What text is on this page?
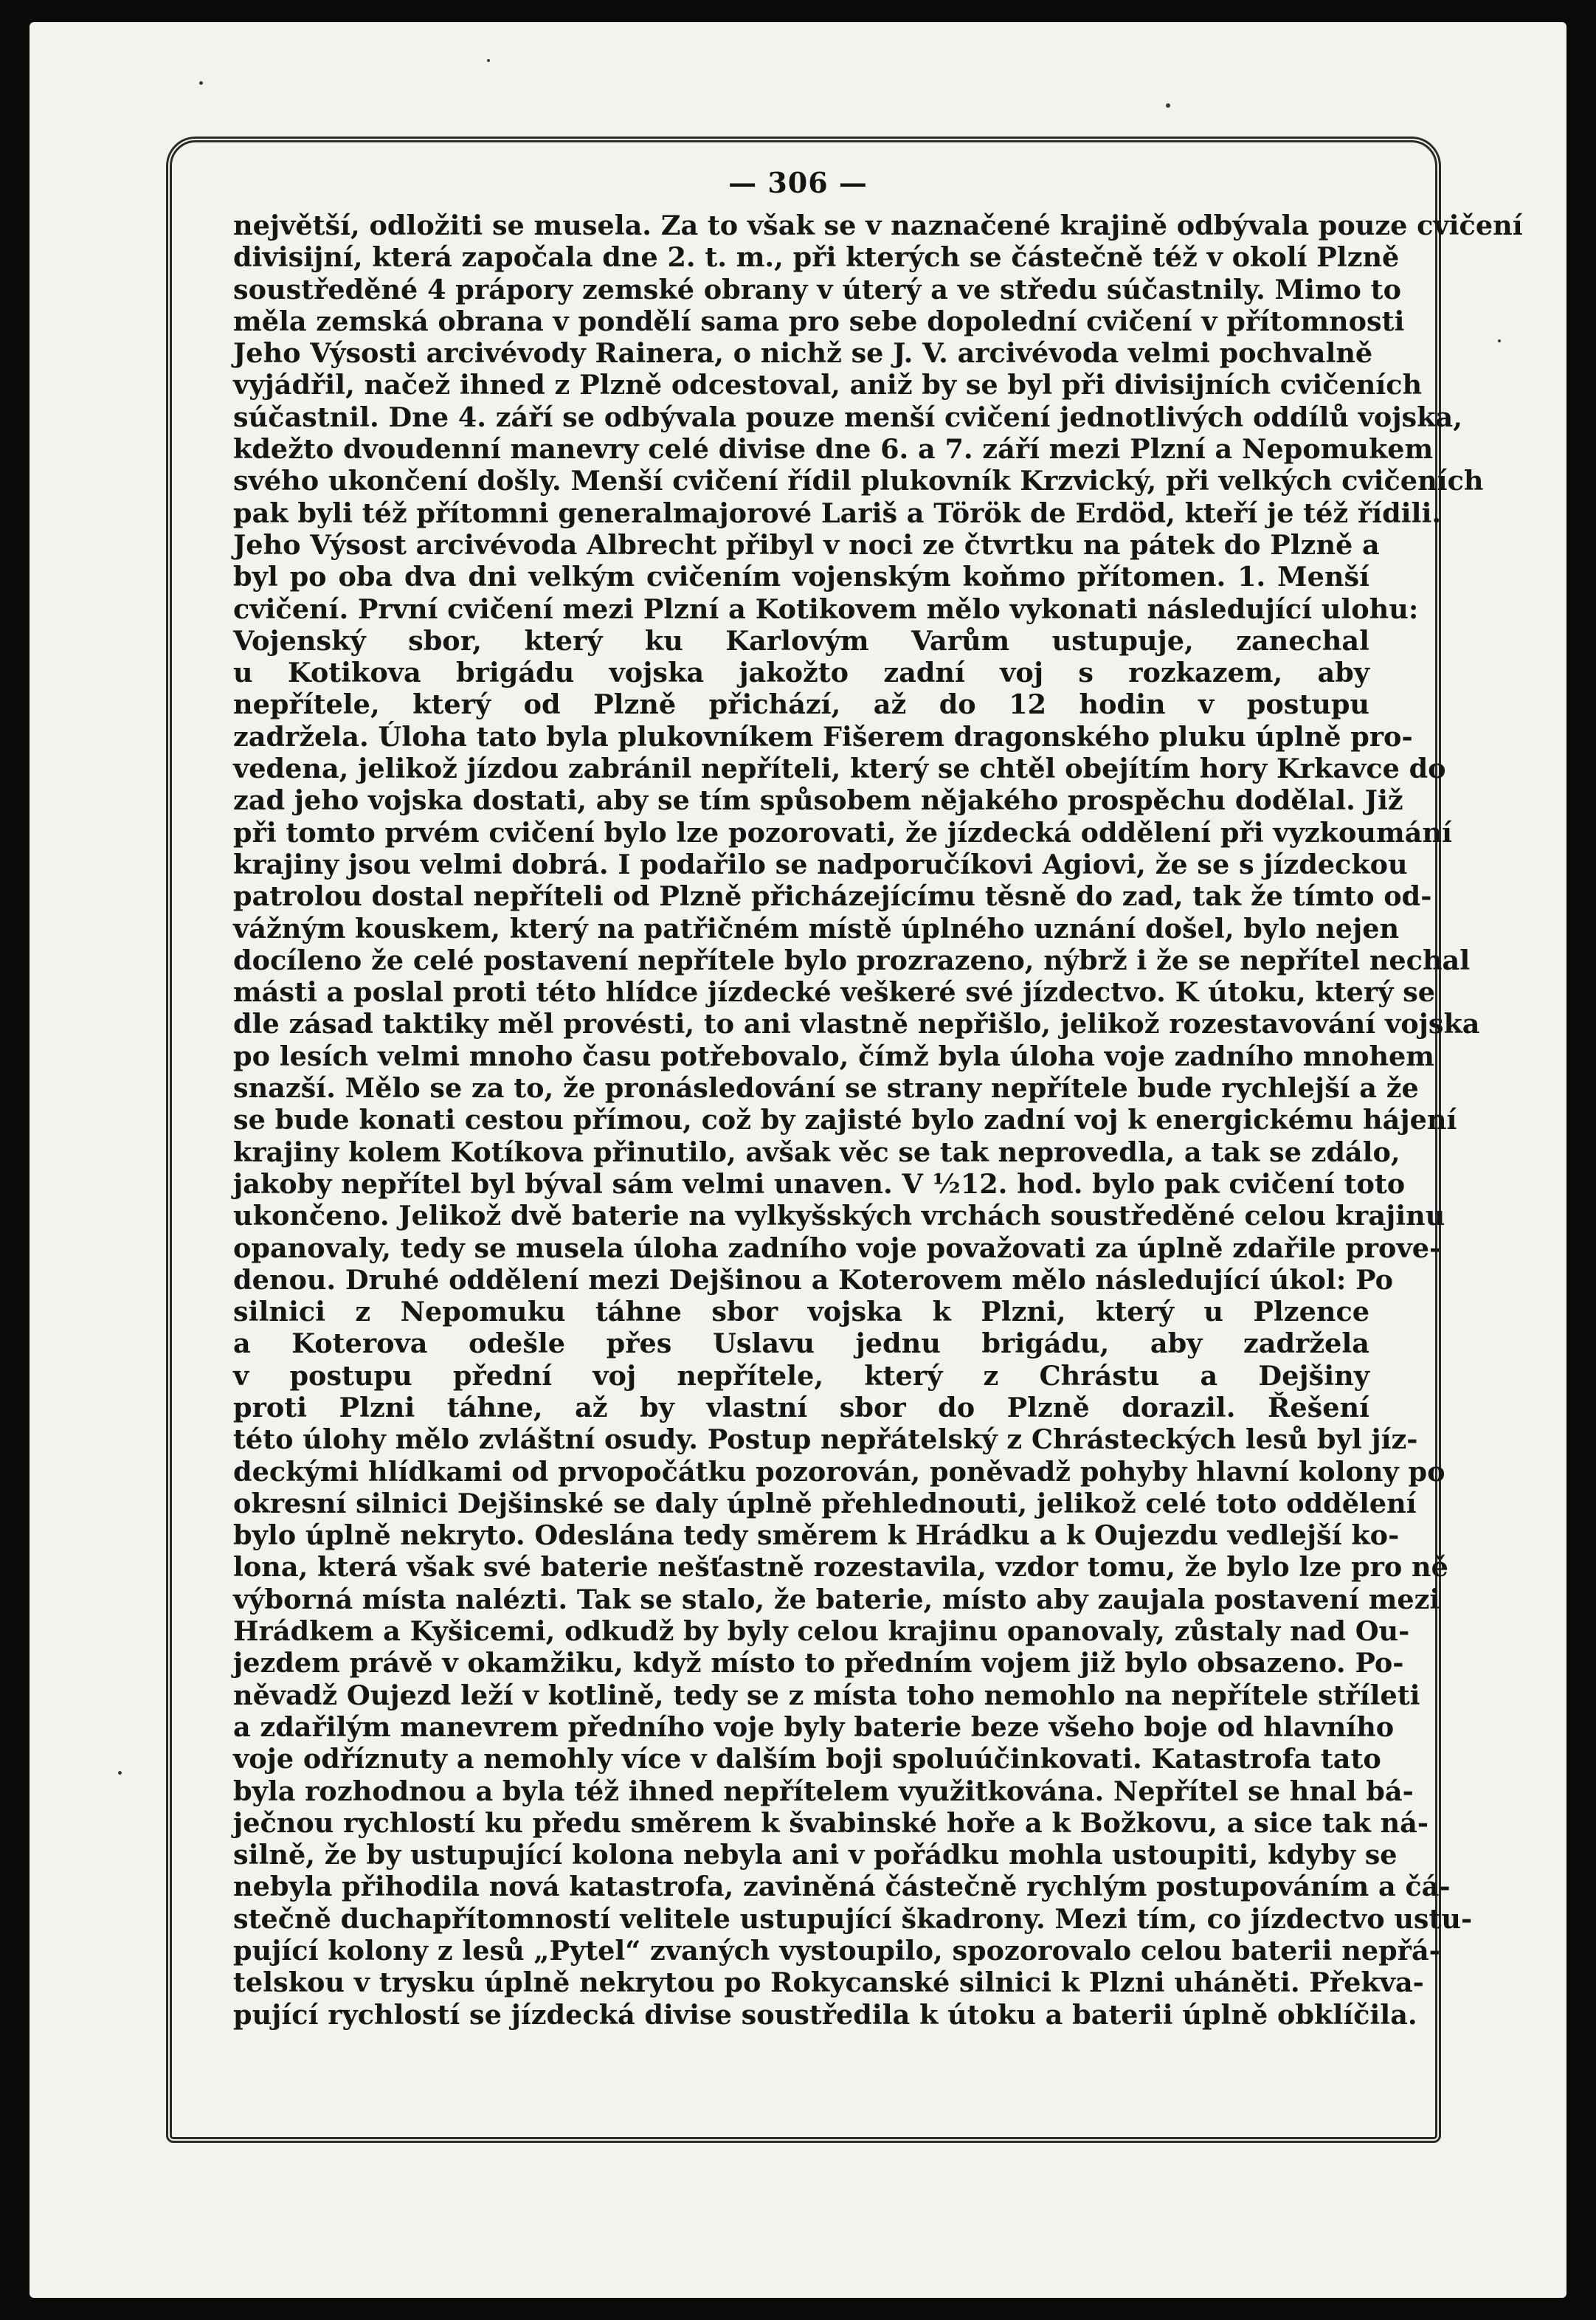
— 306 —
největší, odložiti se musela. Za to však se v naznačené krajině odbývala pouze cvičení
divisijní, která započala dne 2. t. m., při kterých se částečně též v okolí Plzně
soustředěné 4 prápory zemské obrany v úterý a ve středu súčastnily. Mimo to
měla zemská obrana v pondělí sama pro sebe dopolední cvičení v přítomnosti
Jeho Výsosti arcivévody Rainera, o nichž se J. V. arcivévoda velmi pochvalně
vyjádřil, načež ihned z Plzně odcestoval, aniž by se byl při divisijních cvičeních
súčastnil. Dne 4. září se odbývala pouze menší cvičení jednotlivých oddílů vojska,
kdežto dvoudenní manevry celé divise dne 6. a 7. září mezi Plzní a Nepomukem
svého ukončení došly. Menší cvičení řídil plukovník Krzvický, při velkých cvičeních
pak byli též přítomni generalmajorové Lariš a Török de Erdöd, kteří je též řídili.
Jeho Výsost arcivévoda Albrecht přibyl v noci ze čtvrtku na pátek do Plzně a
byl po oba dva dni velkým cvičením vojenským koňmo přítomen. 1. Menší
cvičení. První cvičení mezi Plzní a Kotikovem mělo vykonati následující ulohu:
Vojenský sbor, který ku Karlovým Varům ustupuje, zanechal
u Kotikova brigádu vojska jakožto zadní voj s rozkazem, aby
nepřítele, který od Plzně přichází, až do 12 hodin v postupu
zadržela. Úloha tato byla plukovníkem Fišerem dragonského pluku úplně pro-
vedena, jelikož jízdou zabránil nepříteli, který se chtěl obejítím hory Krkavce do
zad jeho vojska dostati, aby se tím spůsobem nějakého prospěchu dodělal. Již
při tomto prvém cvičení bylo lze pozorovati, že jízdecká oddělení při vyzkoumání
krajiny jsou velmi dobrá. I podařilo se nadporučíkovi Agiovi, že se s jízdeckou
patrolou dostal nepříteli od Plzně přicházejícímu těsně do zad, tak že tímto od-
vážným kouskem, který na patřičném místě úplného uznání došel, bylo nejen
docíleno že celé postavení nepřítele bylo prozrazeno, nýbrž i že se nepřítel nechal
másti a poslal proti této hlídce jízdecké veškeré své jízdectvo. K útoku, který se
dle zásad taktiky měl provésti, to ani vlastně nepřišlo, jelikož rozestavování vojska
po lesích velmi mnoho času potřebovalo, čímž byla úloha voje zadního mnohem
snazší. Mělo se za to, že pronásledování se strany nepřítele bude rychlejší a že
se bude konati cestou přímou, což by zajisté bylo zadní voj k energickému hájení
krajiny kolem Kotíkova přinutilo, avšak věc se tak neprovedla, a tak se zdálo,
jakoby nepřítel byl býval sám velmi unaven. V ½12. hod. bylo pak cvičení toto
ukončeno. Jelikož dvě baterie na vylkyšských vrchách soustředěné celou krajinu
opanovaly, tedy se musela úloha zadního voje považovati za úplně zdařile prove-
denou. Druhé oddělení mezi Dejšinou a Koterovem mělo následující úkol: Po
silnici z Nepomuku táhne sbor vojska k Plzni, který u Plzence
a Koterova odešle přes Uslavu jednu brigádu, aby zadržela
v postupu přední voj nepřítele, který z Chrástu a Dejšiny
proti Plzni táhne, až by vlastní sbor do Plzně dorazil. Řešení
této úlohy mělo zvláštní osudy. Postup nepřátelský z Chrásteckých lesů byl jíz-
deckými hlídkami od prvopočátku pozorován, poněvadž pohyby hlavní kolony po
okresní silnici Dejšinské se daly úplně přehlednouti, jelikož celé toto oddělení
bylo úplně nekryto. Odeslána tedy směrem k Hrádku a k Oujezdu vedlejší ko-
lona, která však své baterie nešťastně rozestavila, vzdor tomu, že bylo lze pro ně
výborná místa nalézti. Tak se stalo, že baterie, místo aby zaujala postavení mezi
Hrádkem a Kyšicemi, odkudž by byly celou krajinu opanovaly, zůstaly nad Ou-
jezdem právě v okamžiku, když místo to předním vojem již bylo obsazeno. Po-
něvadž Oujezd leží v kotlině, tedy se z místa toho nemohlo na nepřítele stříleti
a zdařilým manevrem předního voje byly baterie beze všeho boje od hlavního
voje odříznuty a nemohly více v dalším boji spoluúčinkovati. Katastrofa tato
byla rozhodnou a byla též ihned nepřítelem využitkována. Nepřítel se hnal bá-
ječnou rychlostí ku předu směrem k švabinské hoře a k Božkovu, a sice tak ná-
silně, že by ustupující kolona nebyla ani v pořádku mohla ustoupiti, kdyby se
nebyla přihodila nová katastrofa, zaviněná částečně rychlým postupováním a čá-
stečně duchapřítomností velitele ustupující škadrony. Mezi tím, co jízdectvo ustu-
pující kolony z lesů „Pytel“ zvaných vystoupilo, spozorovalo celou baterii nepřá-
telskou v trysku úplně nekrytou po Rokycanské silnici k Plzni uháněti. Překva-
pující rychlostí se jízdecká divise soustředila k útoku a baterii úplně obklíčila.
